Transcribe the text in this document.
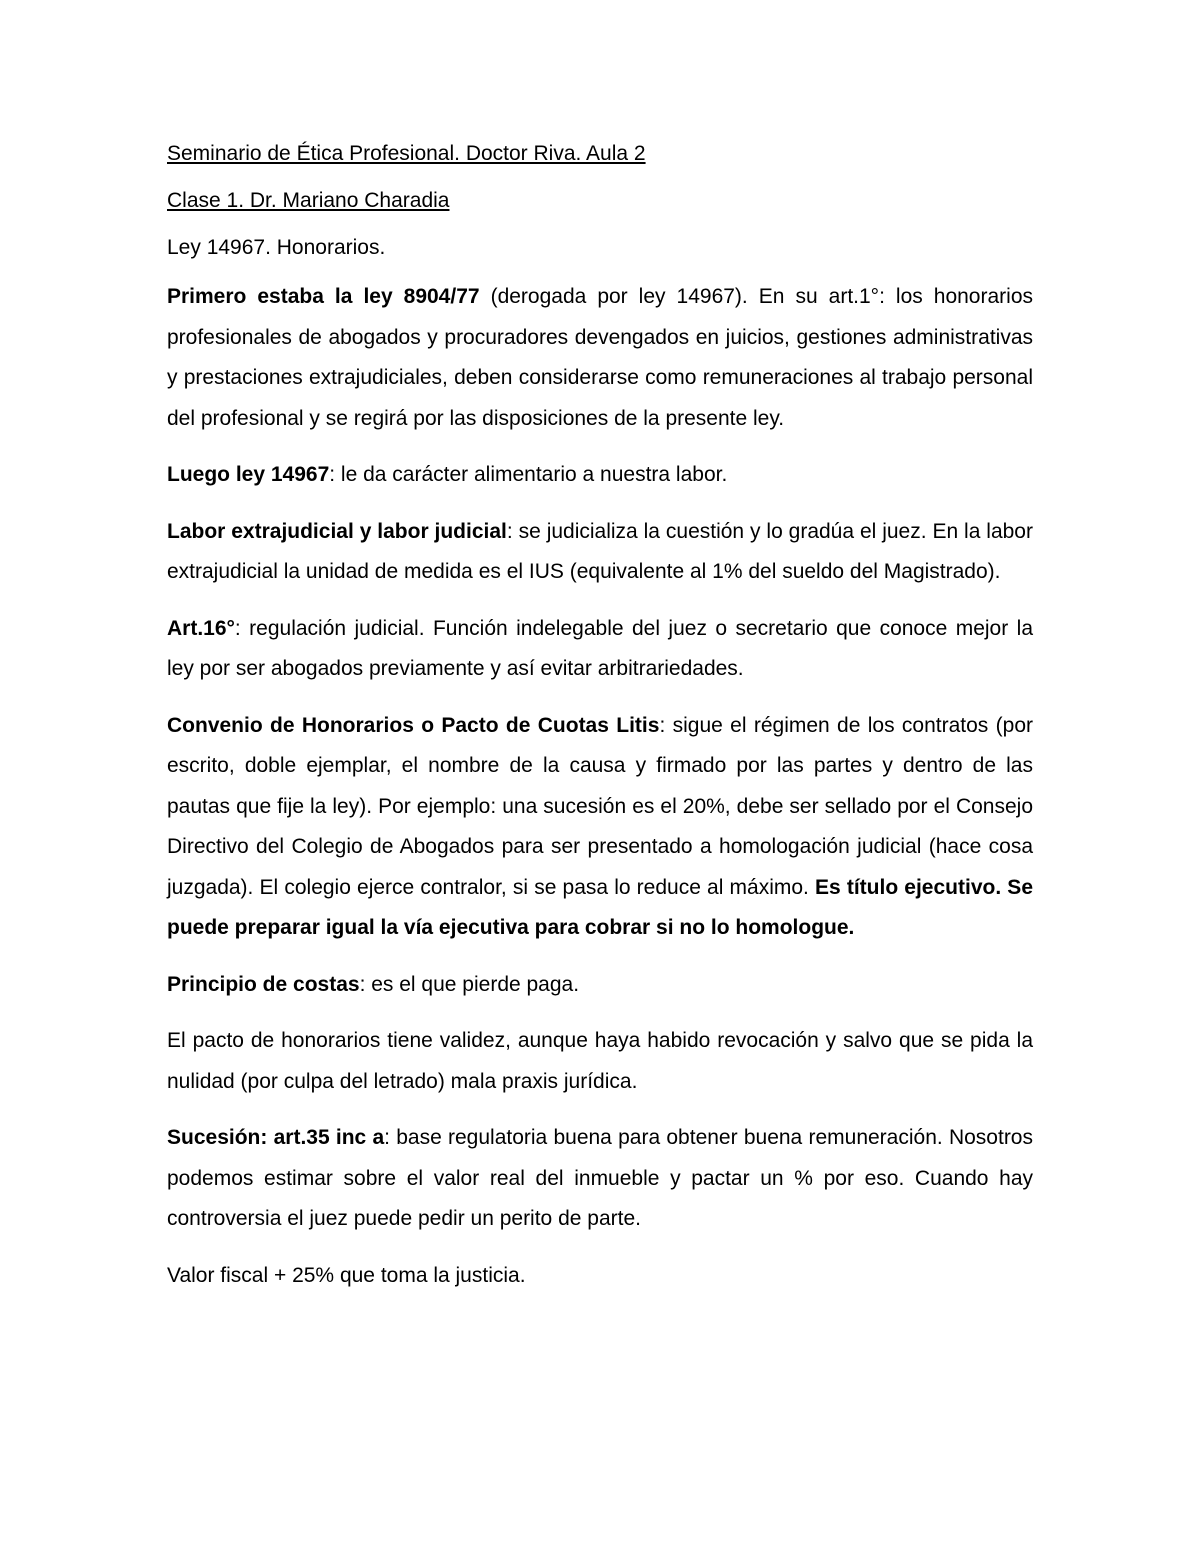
Seminario de Ética Profesional. Doctor Riva. Aula 2
Clase 1. Dr. Mariano Charadia
Ley 14967. Honorarios.

Primero estaba la ley 8904/77 (derogada por ley 14967). En su art.1°: los honorarios profesionales de abogados y procuradores devengados en juicios, gestiones administrativas y prestaciones extrajudiciales, deben considerarse como remuneraciones al trabajo personal del profesional y se regirá por las disposiciones de la presente ley.

Luego ley 14967: le da carácter alimentario a nuestra labor.

Labor extrajudicial y labor judicial: se judicializa la cuestión y lo gradúa el juez. En la labor extrajudicial la unidad de medida es el IUS (equivalente al 1% del sueldo del Magistrado).

Art.16°: regulación judicial. Función indelegable del juez o secretario que conoce mejor la ley por ser abogados previamente y así evitar arbitrariedades.

Convenio de Honorarios o Pacto de Cuotas Litis: sigue el régimen de los contratos (por escrito, doble ejemplar, el nombre de la causa y firmado por las partes y dentro de las pautas que fije la ley). Por ejemplo: una sucesión es el 20%, debe ser sellado por el Consejo Directivo del Colegio de Abogados para ser presentado a homologación judicial (hace cosa juzgada). El colegio ejerce contralor, si se pasa lo reduce al máximo. Es título ejecutivo. Se puede preparar igual la vía ejecutiva para cobrar si no lo homologue.

Principio de costas: es el que pierde paga.

El pacto de honorarios tiene validez, aunque haya habido revocación y salvo que se pida la nulidad (por culpa del letrado) mala praxis jurídica.

Sucesión: art.35 inc a: base regulatoria buena para obtener buena remuneración. Nosotros podemos estimar sobre el valor real del inmueble y pactar un % por eso. Cuando hay controversia el juez puede pedir un perito de parte.

Valor fiscal + 25% que toma la justicia.
